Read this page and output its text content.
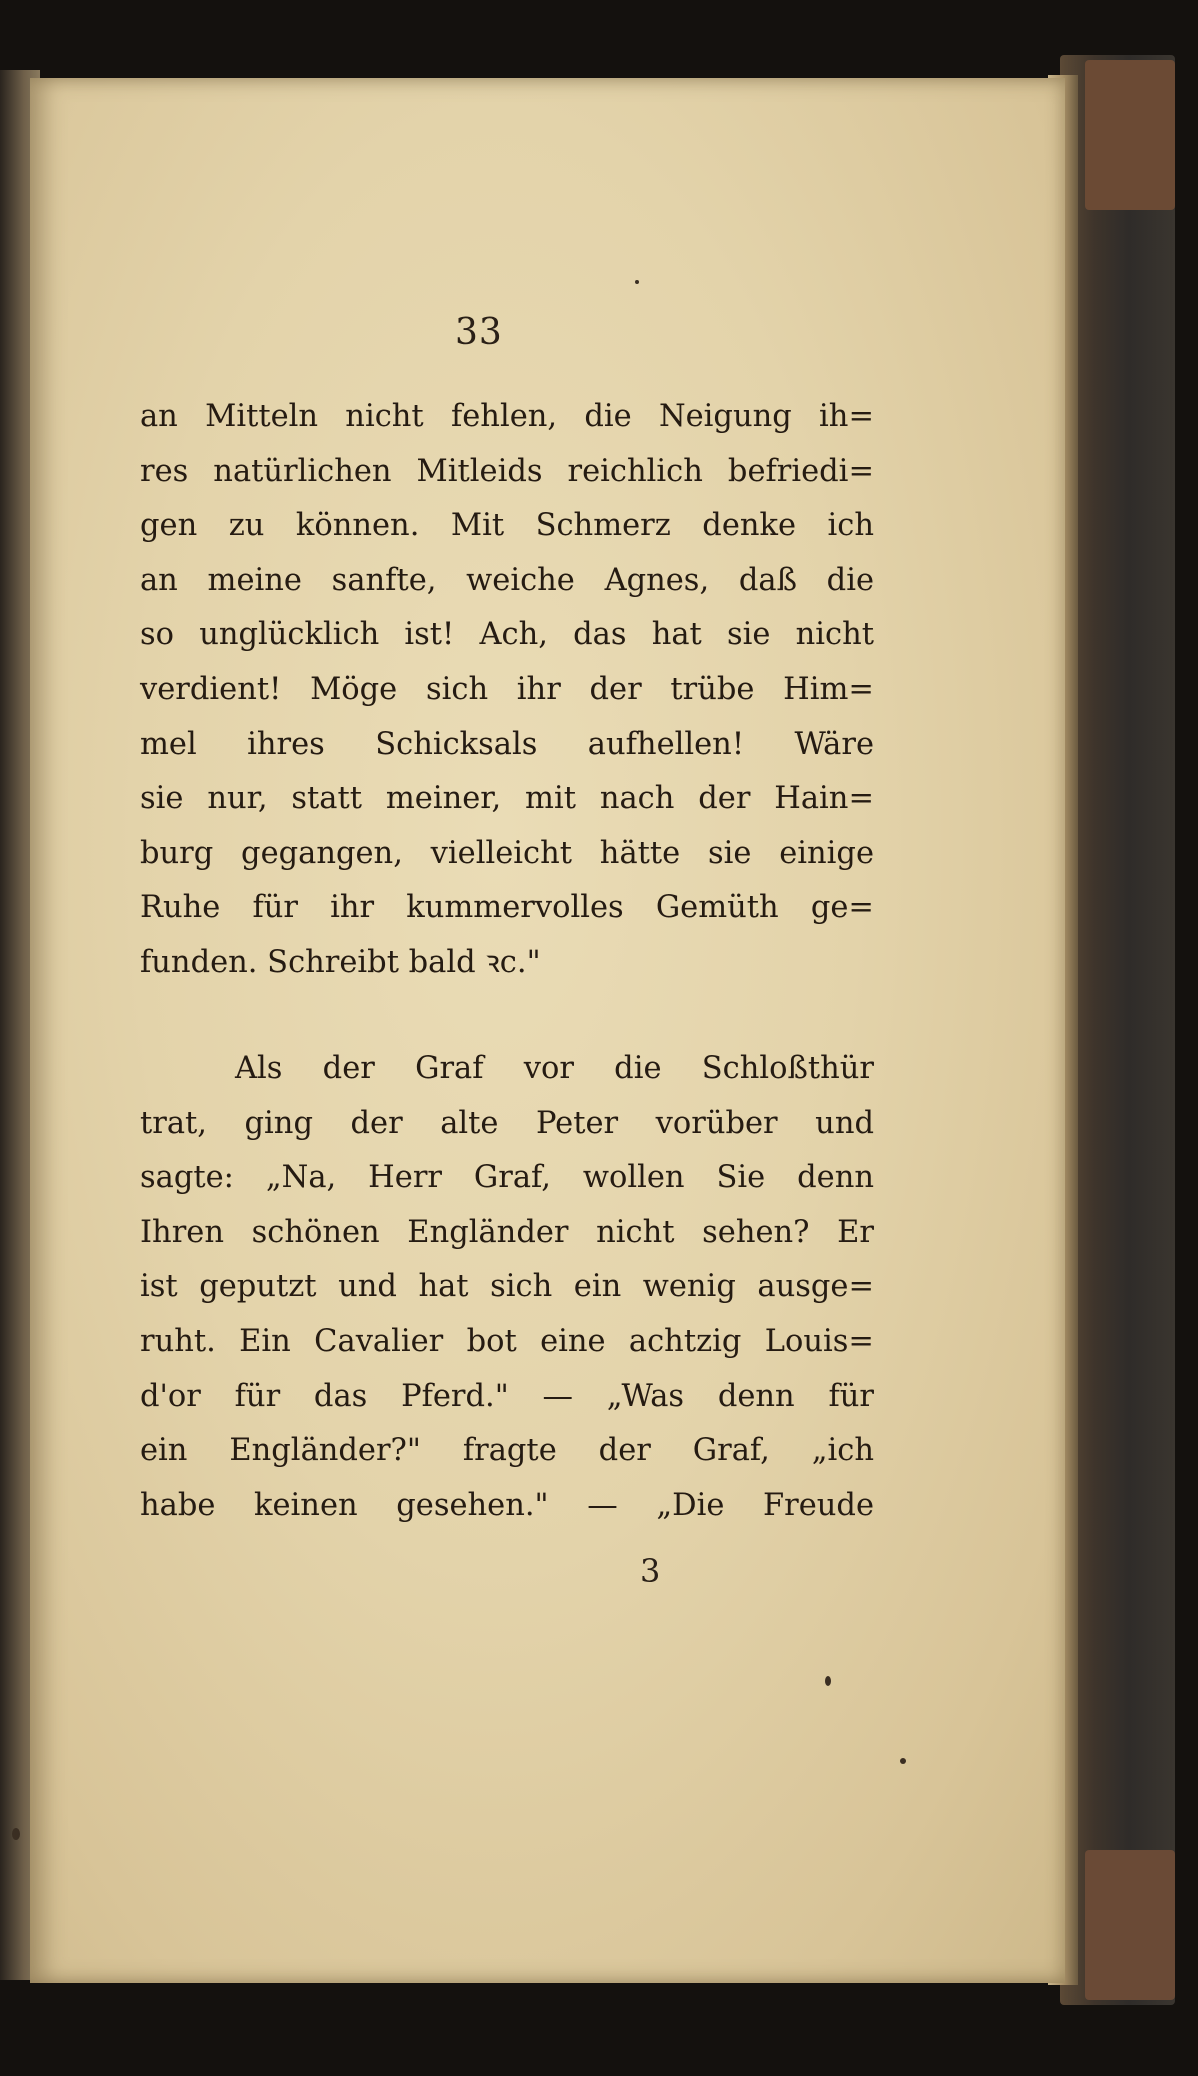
33
an Mitteln nicht fehlen, die Neigung ih=
res natürlichen Mitleids reichlich befriedi=
gen zu können. Mit Schmerz denke ich
an meine sanfte, weiche Agnes, daß die
so unglücklich ist! Ach, das hat sie nicht
verdient! Möge sich ihr der trübe Him=
mel ihres Schicksals aufhellen! Wäre
sie nur, statt meiner, mit nach der Hain=
burg gegangen, vielleicht hätte sie einige
Ruhe für ihr kummervolles Gemüth ge=
funden. Schreibt bald ꝛc."
Als der Graf vor die Schloßthür
trat, ging der alte Peter vorüber und
sagte: „Na, Herr Graf, wollen Sie denn
Ihren schönen Engländer nicht sehen? Er
ist geputzt und hat sich ein wenig ausge=
ruht. Ein Cavalier bot eine achtzig Louis=
d'or für das Pferd." — „Was denn für
ein Engländer?" fragte der Graf, „ich
habe keinen gesehen." — „Die Freude
3
